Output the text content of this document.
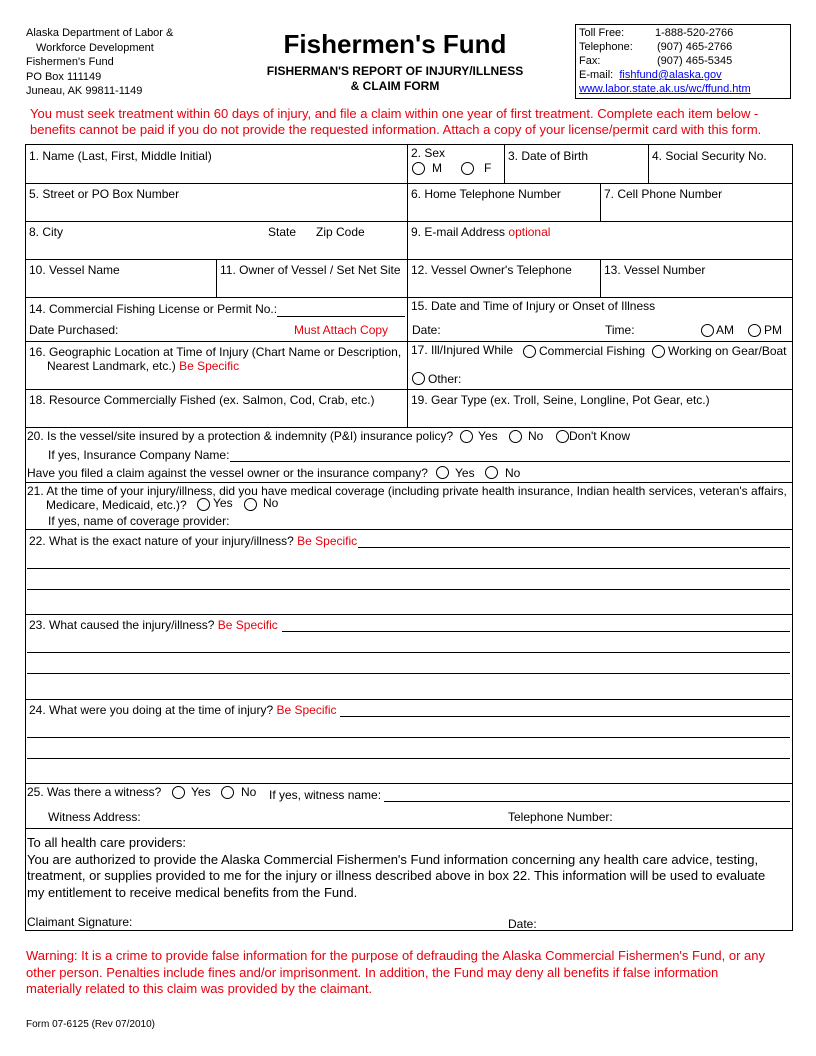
Alaska Department of Labor &
Workforce Development
Fishermen's Fund
PO Box 111149
Juneau, AK 99811-1149
Fishermen's Fund
FISHERMAN'S REPORT OF INJURY/ILLNESS
& CLAIM FORM
Toll Free:	1-888-520-2766
Telephone: (907) 465-2766
Fax:	(907) 465-5345
E-mail: fishfund@alaska.gov
www.labor.state.ak.us/wc/ffund.htm
You must seek treatment within 60 days of injury, and file a claim within one year of first treatment. Complete each item below -
benefits cannot be paid if you do not provide the requested information. Attach a copy of your license/permit card with this form.
1. Name (Last, First, Middle Initial)	2. Sex
M	F
3. Date of Birth	4. Social Security No.
5. Street or PO Box Number	6. Home Telephone Number	7. Cell Phone Number
8. City	State Zip Code	9. E-mail Address optional
10. Vessel Name	11. Owner of Vessel / Set Net Site 12. Vessel Owner's Telephone	13. Vessel Number
14. Commercial Fishing License or Permit No.:
Date Purchased:	Must Attach Copy
15. Date and Time of Injury or Onset of Illness
Date:	Time:	AM	PM
16. Geographic Location at Time of Injury (Chart Name or Description,
Nearest Landmark, etc.) Be Specific
17. Ill/Injured While Commercial Fishing Working on Gear/Boat
Other:
18. Resource Commercially Fished (ex. Salmon, Cod, Crab, etc.)	19. Gear Type (ex. Troll, Seine, Longline, Pot Gear, etc.)
20. Is the vessel/site insured by a protection & indemnity (P&I) insurance policy? Yes	No Don't Know
If yes, Insurance Company Name:
Have you filed a claim against the vessel owner or the insurance company? Yes	No
21. At the time of your injury/illness, did you have medical coverage (including private health insurance, Indian health services, veteran's affairs,
Medicare, Medicaid, etc.)?	Yes	No
If yes, name of coverage provider:
22. What is the exact nature of your injury/illness? Be Specific
23. What caused the injury/illness? Be Specific
24. What were you doing at the time of injury? Be Specific
25. Was there a witness? Yes	No If yes, witness name:
Witness Address:	Telephone Number:
To all health care providers:
You are authorized to provide the Alaska Commercial Fishermen's Fund information concerning any health care advice, testing,
treatment, or supplies provided to me for the injury or illness described above in box 22. This information will be used to evaluate
my entitlement to receive medical benefits from the Fund.
Claimant Signature:	Date:
Warning: It is a crime to provide false information for the purpose of defrauding the Alaska Commercial Fishermen's Fund, or any
other person. Penalties include fines and/or imprisonment. In addition, the Fund may deny all benefits if false information
materially related to this claim was provided by the claimant.
Form 07-6125 (Rev 07/2010)
